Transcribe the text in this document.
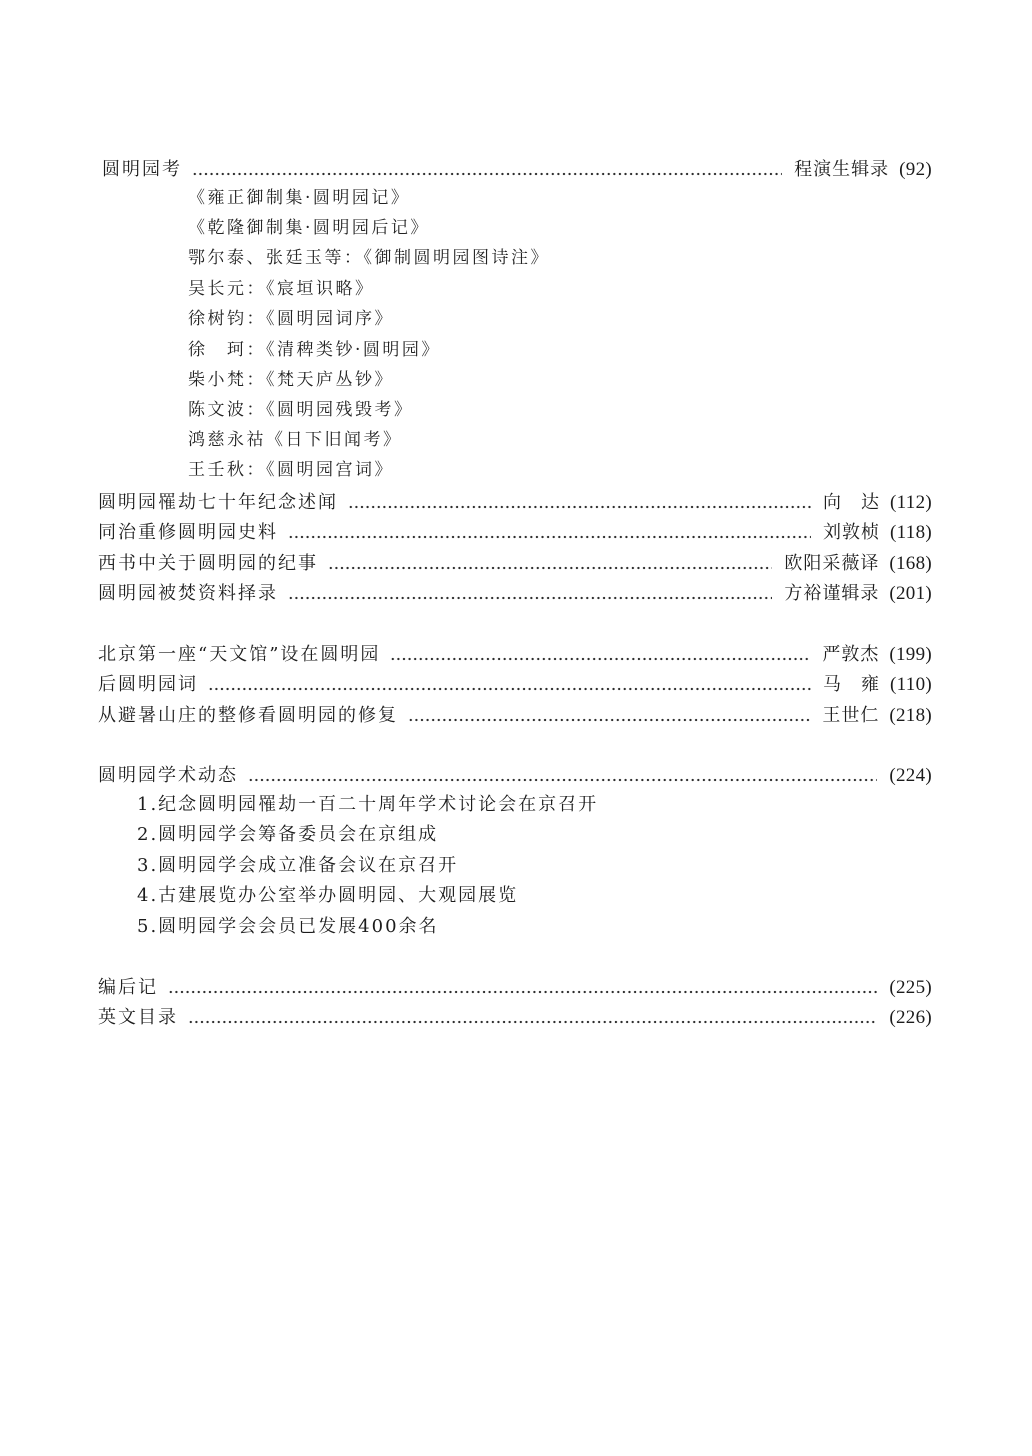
圆明园考	程演生辑录 (92)
《雍正御制集·圆明园记》
《乾隆御制集·圆明园后记》
鄂尔泰、张廷玉等：《御制圆明园图诗注》
吴长元：《宸垣识略》
徐树钧：《圆明园词序》
徐　珂：《清稗类钞·圆明园》
柴小梵：《梵天庐丛钞》
陈文波：《圆明园残毁考》
鸿慈永祜《日下旧闻考》
王壬秋：《圆明园宫词》
圆明园罹劫七十年纪念述闻	向　达 (112)
同治重修圆明园史料	刘敦桢 (118)
西书中关于圆明园的纪事	欧阳采薇译 (168)
圆明园被焚资料择录	方裕谨辑录 (201)
北京第一座“天文馆”设在圆明园	严敦杰 (199)
后圆明园词	马　雍 (110)
从避暑山庄的整修看圆明园的修复	王世仁 (218)
圆明园学术动态	(224)
1.纪念圆明园罹劫一百二十周年学术讨论会在京召开
2.圆明园学会筹备委员会在京组成
3.圆明园学会成立准备会议在京召开
4.古建展览办公室举办圆明园、大观园展览
5.圆明园学会会员已发展400余名
编后记	(225)
英文目录	(226)
